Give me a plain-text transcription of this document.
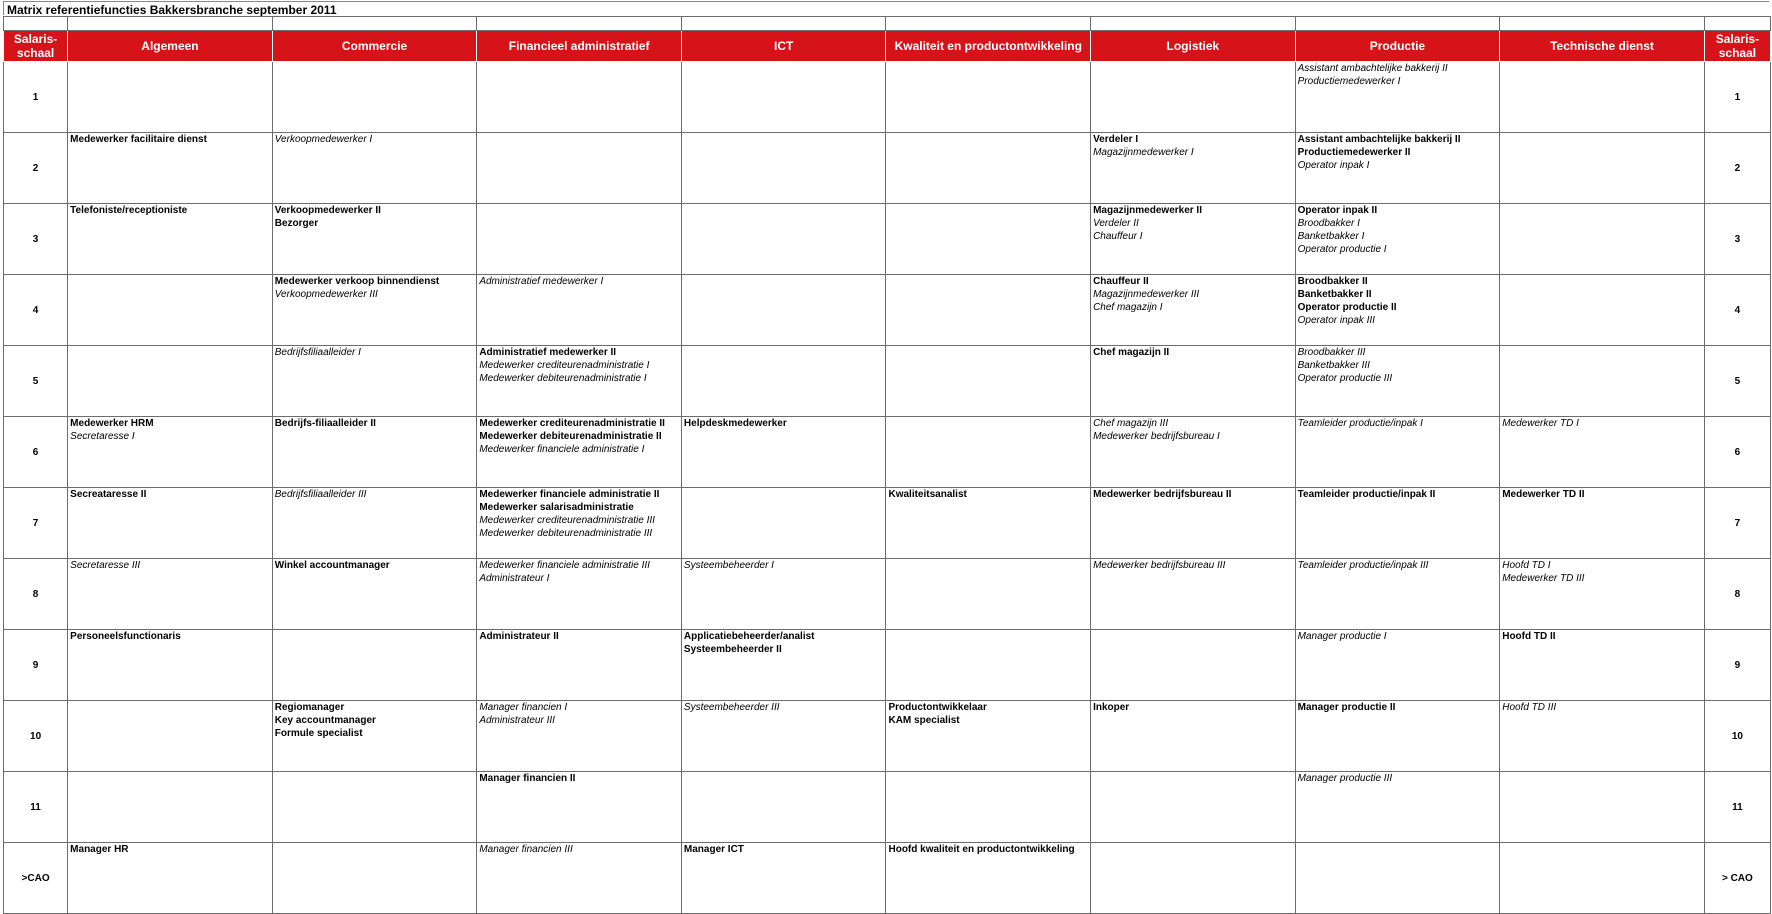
Matrix referentiefuncties Bakkersbranche september 2011

Salaris-
schaal	Algemeen	Commercie	Financieel administratief	ICT	Kwaliteit en productontwikkeling	Logistiek	Productie	Technische dienst	Salaris-
schaal

1							Assistant ambachtelijke bakkerij II
Productiemedewerker I		1
2	Medewerker facilitaire dienst	Verkoopmedewerker I				Verdeler I
Magazijnmedewerker I	Assistant ambachtelijke bakkerij II
Productiemedewerker II
Operator inpak I		2
3	Telefoniste/receptioniste	Verkoopmedewerker II
Bezorger				Magazijnmedewerker II
Verdeler II
Chauffeur I	Operator inpak II
Broodbakker I
Banketbakker I
Operator productie I		3
4		Medewerker verkoop binnendienst
Verkoopmedewerker III	Administratief medewerker I			Chauffeur II
Magazijnmedewerker III
Chef magazijn I	Broodbakker II
Banketbakker II
Operator productie II
Operator inpak III		4
5		Bedrijfsfiliaalleider I	Administratief medewerker II
Medewerker crediteurenadministratie I
Medewerker debiteurenadministratie I			Chef magazijn II	Broodbakker III
Banketbakker III
Operator productie III		5
6	Medewerker HRM
Secretaresse I	Bedrijfs-filiaalleider II	Medewerker crediteurenadministratie II
Medewerker debiteurenadministratie II
Medewerker financiele administratie I	Helpdeskmedewerker		Chef magazijn III
Medewerker bedrijfsbureau I	Teamleider productie/inpak I	Medewerker TD I	6
7	Secreataresse II	Bedrijfsfiliaalleider III	Medewerker financiele administratie II
Medewerker salarisadministratie
Medewerker crediteurenadministratie III
Medewerker debiteurenadministratie III		Kwaliteitsanalist	Medewerker bedrijfsbureau II	Teamleider productie/inpak II	Medewerker TD II	7
8	Secretaresse III	Winkel accountmanager	Medewerker financiele administratie III
Administrateur I	Systeembeheerder I		Medewerker bedrijfsbureau III	Teamleider productie/inpak III	Hoofd TD I
Medewerker TD III	8
9	Personeelsfunctionaris		Administrateur II	Applicatiebeheerder/analist
Systeembeheerder II			Manager productie I	Hoofd TD II	9
10		Regiomanager
Key accountmanager
Formule specialist	Manager financien I
Administrateur III	Systeembeheerder III	Productontwikkelaar
KAM specialist	Inkoper	Manager productie II	Hoofd TD III	10
11			Manager financien II				Manager productie III		11
>CAO	Manager HR		Manager financien III	Manager ICT	Hoofd kwaliteit en productontwikkeling				> CAO
